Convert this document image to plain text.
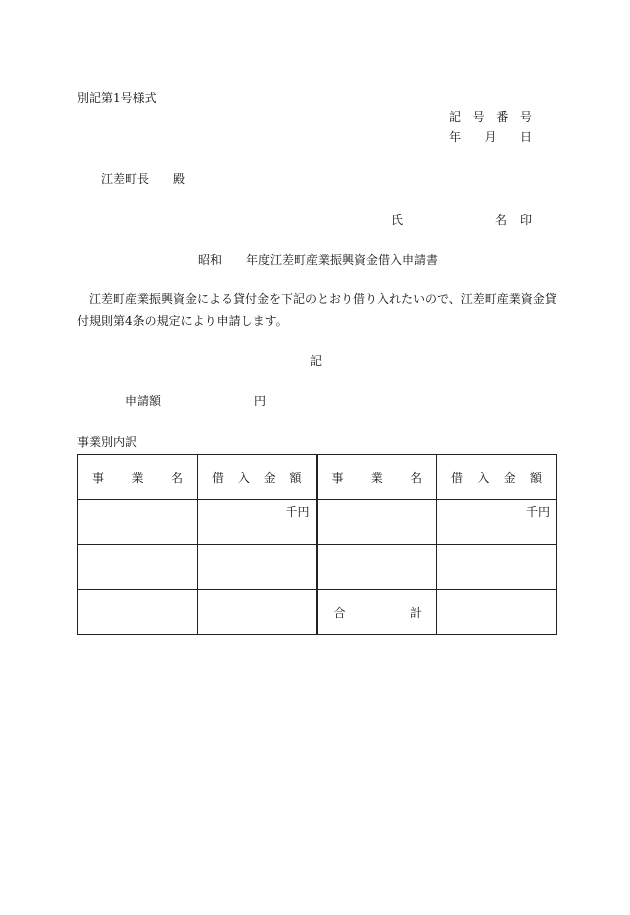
別記第1号様式
記 号 番 号
年 月 日
江差町長 殿
氏	名 印
昭和 年度江差町産業振興資金借入申請書
江差町産業振興資金による貸付金を下記のとおり借り入れたいので、江差町産業資金貸付規則第4条の規定により申請します。
記
申請額	円
事業別内訳
事 業 名	借 入 金 額	事 業 名	借 入 金 額

	千円		千円

		合 計	
